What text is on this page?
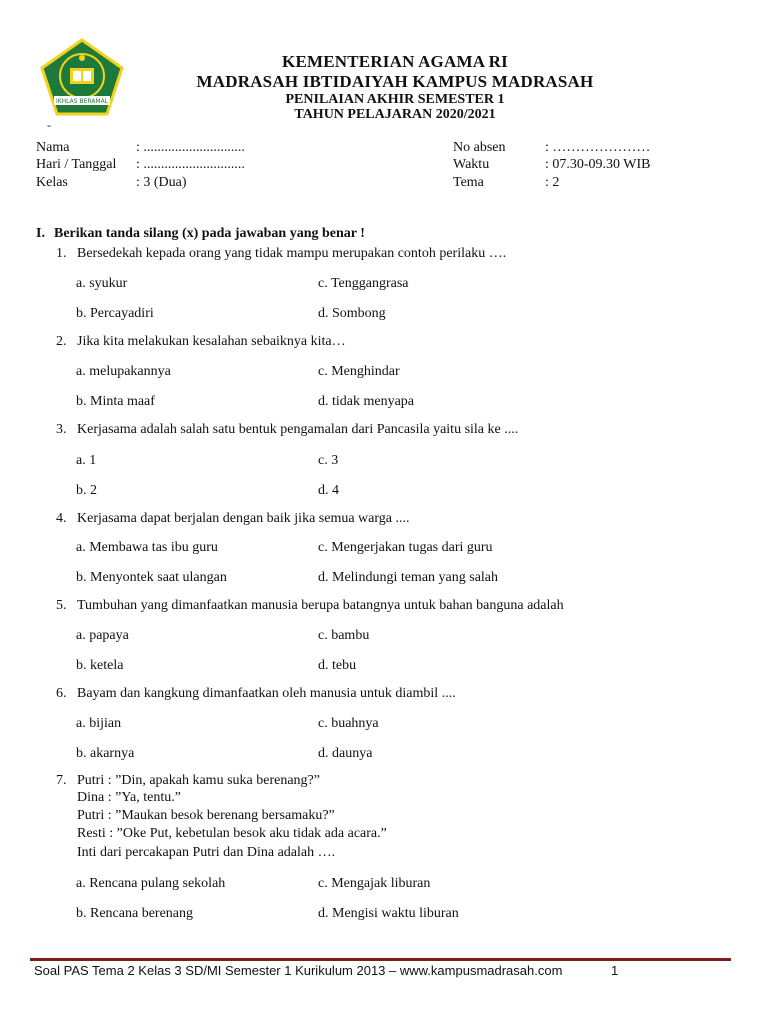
IKHLAS BERAMAL
KEMENTERIAN AGAMA RI
MADRASAH IBTIDAIYAH KAMPUS MADRASAH
PENILAIAN AKHIR SEMESTER 1
TAHUN PELAJARAN 2020/2021
-
Nama	: .............................
Hari / Tanggal : .............................
Kelas	: 3 (Dua)
No absen	: …………………
Waktu	: 07.30-09.30 WIB
Tema	: 2
I. Berikan tanda silang (x) pada jawaban yang benar !
1. Bersedekah kepada orang yang tidak mampu merupakan contoh perilaku ….
a. syukur	c. Tenggangrasa
b. Percayadiri	d. Sombong
2. Jika kita melakukan kesalahan sebaiknya kita…
a. melupakannya	c. Menghindar
b. Minta maaf	d. tidak menyapa
3. Kerjasama adalah salah satu bentuk pengamalan dari Pancasila yaitu sila ke ....
a. 1	c. 3
b. 2	d. 4
4. Kerjasama dapat berjalan dengan baik jika semua warga ....
a. Membawa tas ibu guru	c. Mengerjakan tugas dari guru
b. Menyontek saat ulangan	d. Melindungi teman yang salah
5. Tumbuhan yang dimanfaatkan manusia berupa batangnya untuk bahan banguna adalah
a. papaya	c. bambu
b. ketela	d. tebu
6. Bayam dan kangkung dimanfaatkan oleh manusia untuk diambil ....
a. bijian	c. buahnya
b. akarnya	d. daunya
7. Putri : ”Din, apakah kamu suka berenang?”
Dina : ”Ya, tentu.”
Putri : ”Maukan besok berenang bersamaku?”
Resti : ”Oke Put, kebetulan besok aku tidak ada acara.”
Inti dari percakapan Putri dan Dina adalah ….
a. Rencana pulang sekolah	c. Mengajak liburan
b. Rencana berenang	d. Mengisi waktu liburan
Soal PAS Tema 2 Kelas 3 SD/MI Semester 1 Kurikulum 2013 – www.kampusmadrasah.com	1
